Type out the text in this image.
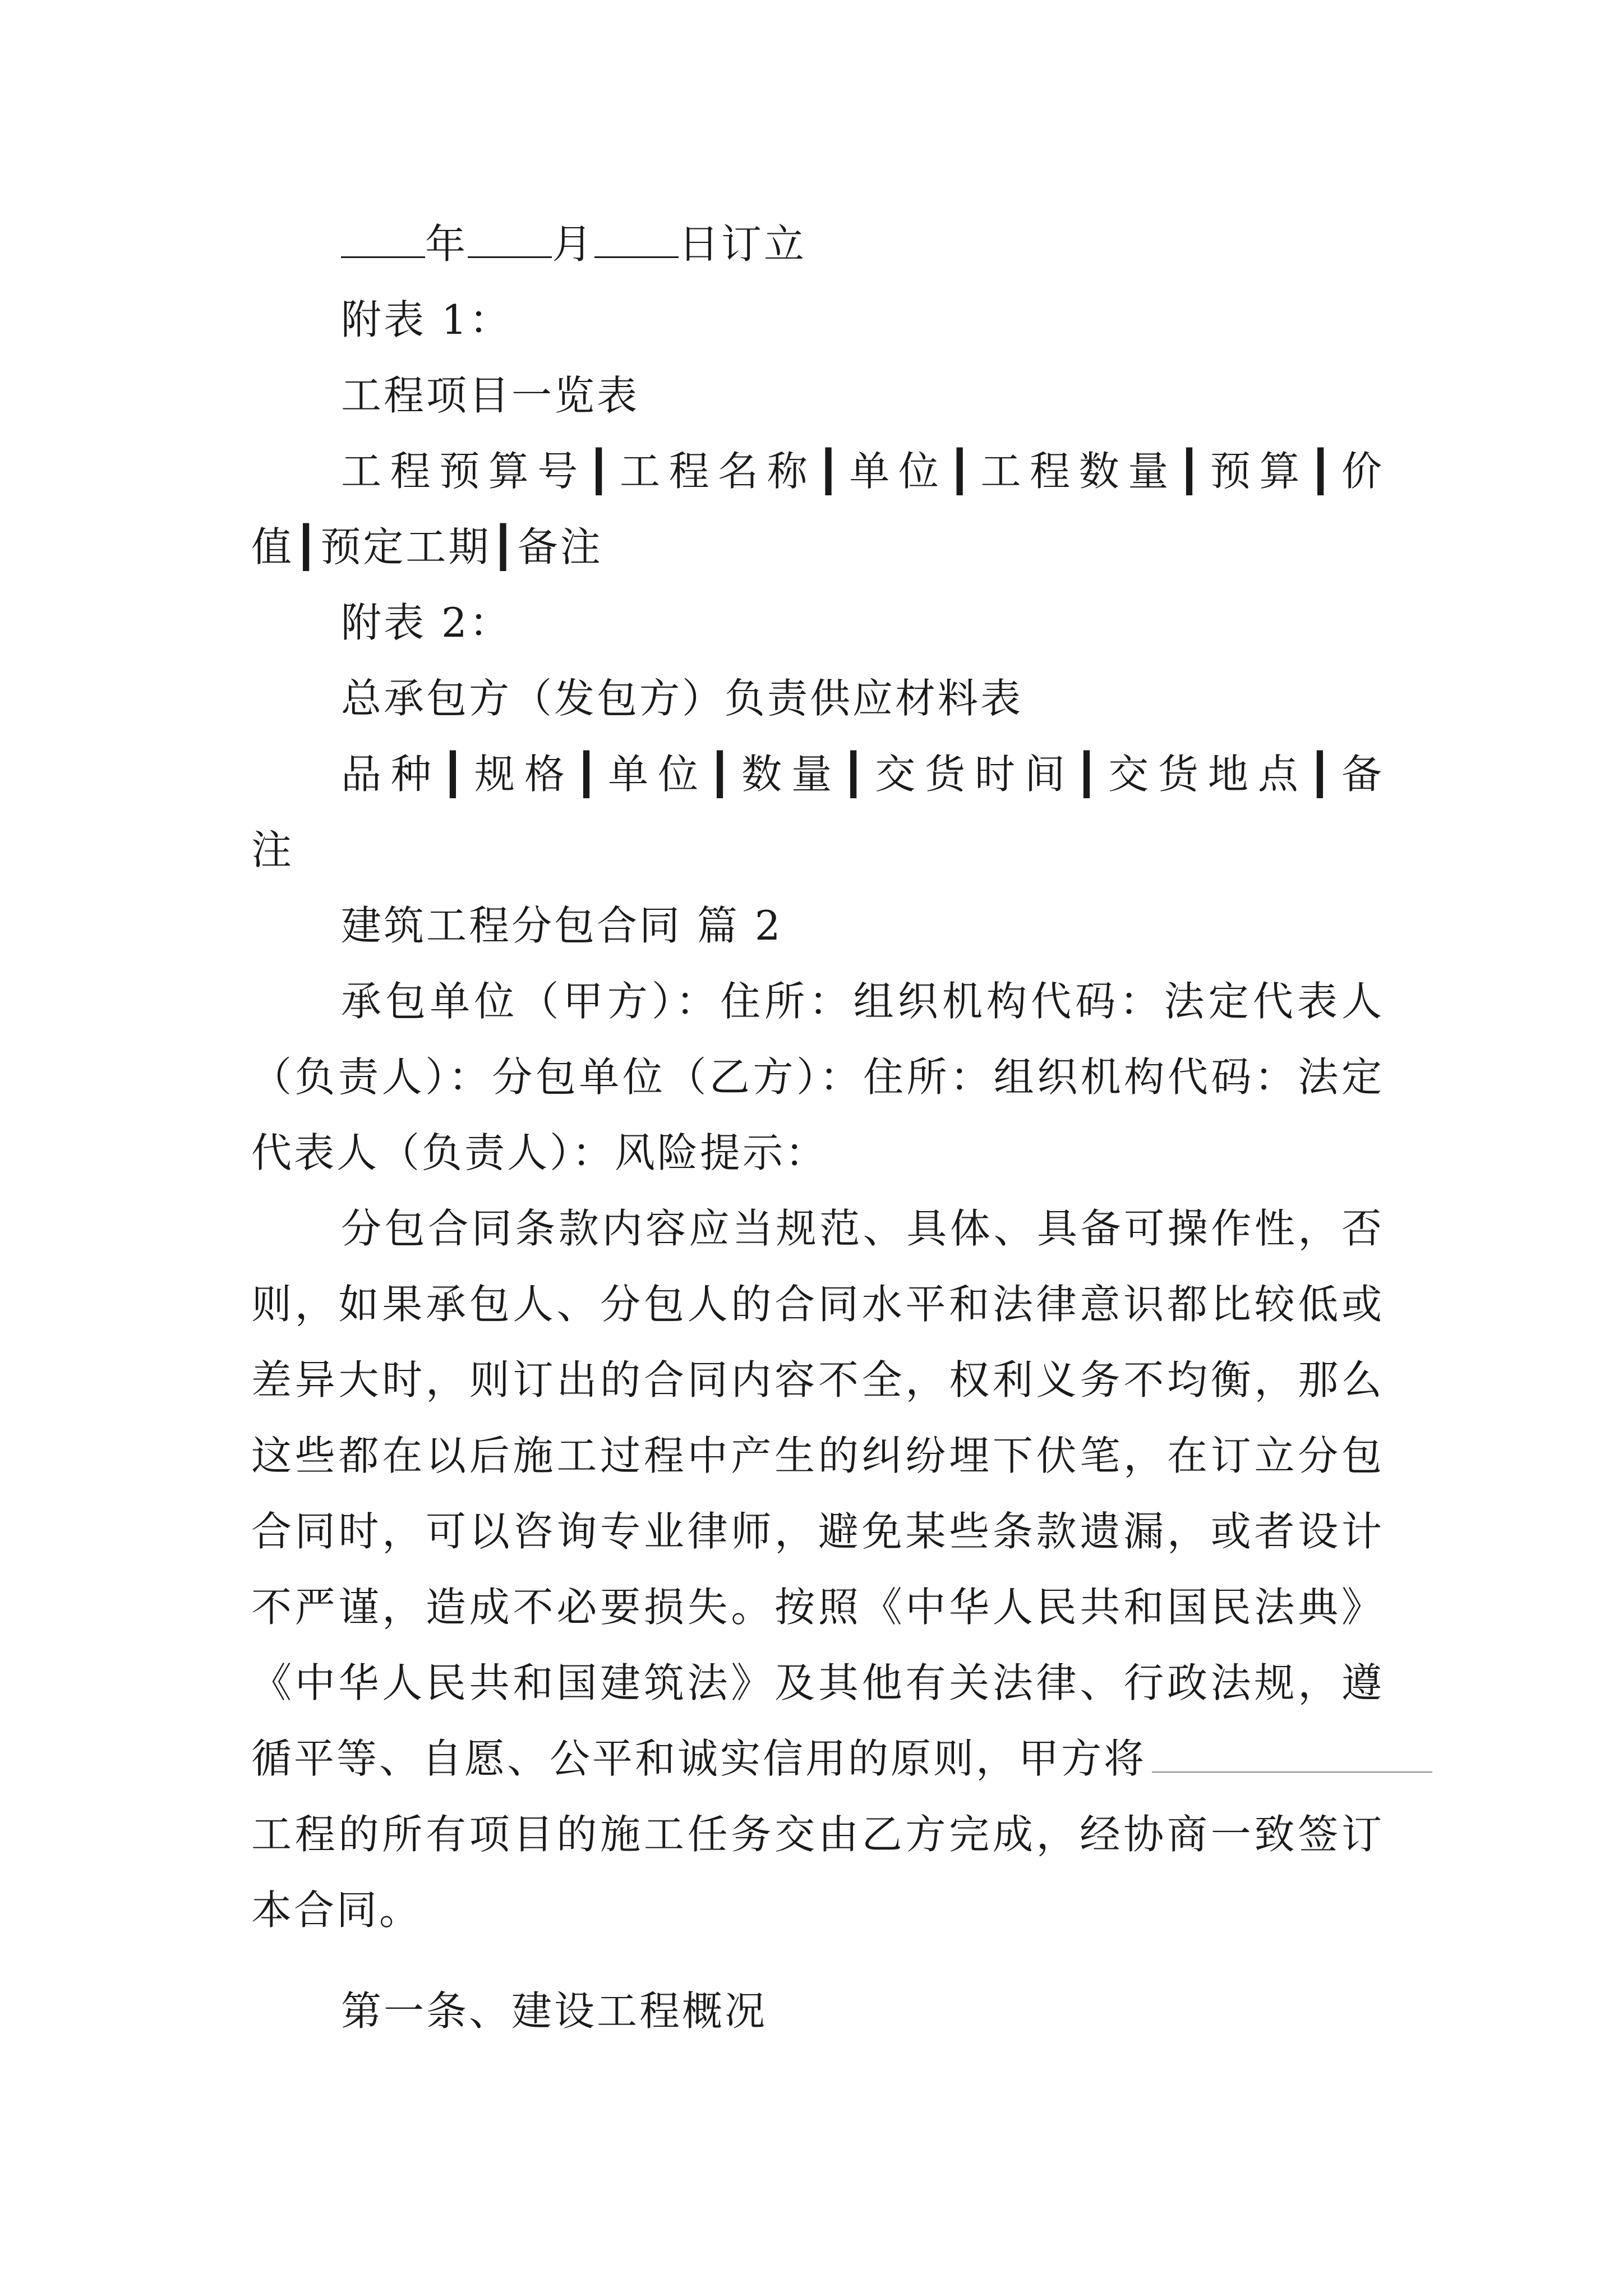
年 月 日订立
附表 1：
工程项目一览表
工程预算号┃工程名称┃单位┃工程数量┃预算┃价
值┃预定工期┃备注
附表 2：
总承包方（发包方）负责供应材料表
品种┃规格┃单位┃数量┃交货时间┃交货地点┃备
注
建筑工程分包合同 篇 2
承包单位（甲方）：住所：组织机构代码：法定代表人
（负责人）：分包单位（乙方）：住所：组织机构代码：法定
代表人（负责人）：风险提示：
分包合同条款内容应当规范、具体、具备可操作性，否
则，如果承包人、分包人的合同水平和法律意识都比较低或
差异大时，则订出的合同内容不全，权利义务不均衡，那么
这些都在以后施工过程中产生的纠纷埋下伏笔，在订立分包
合同时，可以咨询专业律师，避免某些条款遗漏，或者设计
不严谨，造成不必要损失。按照《中华人民共和国民法典》
《中华人民共和国建筑法》及其他有关法律、行政法规，遵
循平等、自愿、公平和诚实信用的原则，甲方将
工程的所有项目的施工任务交由乙方完成，经协商一致签订
本合同。
第一条、建设工程概况
